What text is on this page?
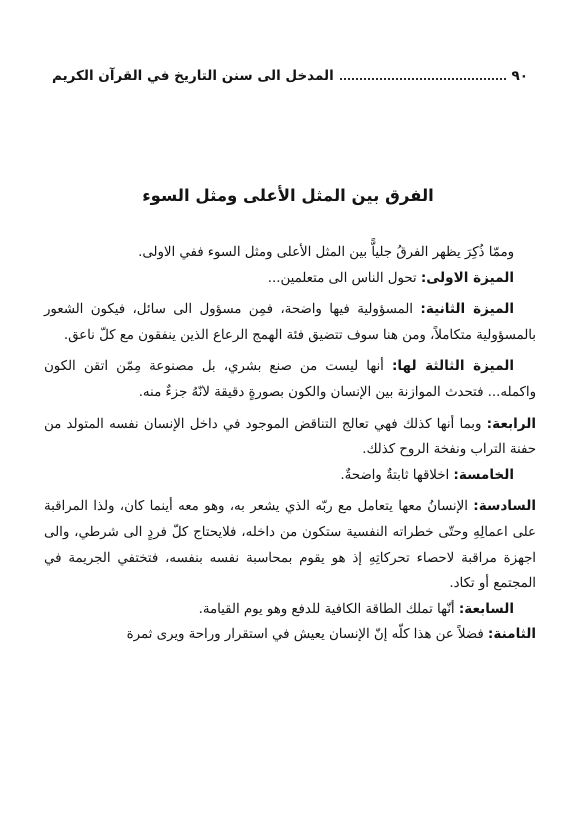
٩٠
المدخل الى سنن التاريخ في القرآن الكريم
الفرق بين المثل الأعلى ومثل السوء

وممّا ذُكِرَ يظهر الفرقُ جلياًّ بين المثل الأعلى ومثل السوء ففي الاولى.

الميزة الاولى: تحول الناس الى متعلمين...

الميزة الثانية: المسؤولية فيها واضحة، فمِن مسؤول الى سائل، فيكون الشعور بالمسؤولية متكاملاً، ومن هنا سوف تتضيق فئة الهمج الرعاع الذين ينفقون مع كلّ ناعق.

الميزة الثالثة لها: أنها ليست من صنع بشري، بل مصنوعة مِمّن اتقن الكون واكمله... فتحدث الموازنة بين الإنسان والكون بصورةٍ دقيقة لانّهُ جزءٌ منه.

الرابعة: وبما أنها كذلك فهي تعالج التناقض الموجود في داخل الإنسان نفسه المتولد من حفنة التراب ونفخة الروح كذلك.

الخامسة: اخلاقها ثابتةٌ واضحةٌ.

السادسة: الإنسانُ معها يتعامل مع ربّه الذي يشعر به، وهو معه أينما كان، ولذا المراقبة على اعمالِهِ وحتّى خطراته النفسية ستكون من داخله، فلايحتاج كلّ فردٍ الى شرطي، والى اجهزة مراقبة لاحصاء تحركاتِهِ إذ هو يقوم بمحاسبة نفسه بنفسه، فتختفي الجريمة في المجتمع أو تكاد.

السابعة: أنّها تملك الطاقة الكافية للدفع وهو يوم القيامة.

الثامنة: فضلاً عن هذا كلّه إنّ الإنسان يعيش في استقرار وراحة ويرى ثمرة
